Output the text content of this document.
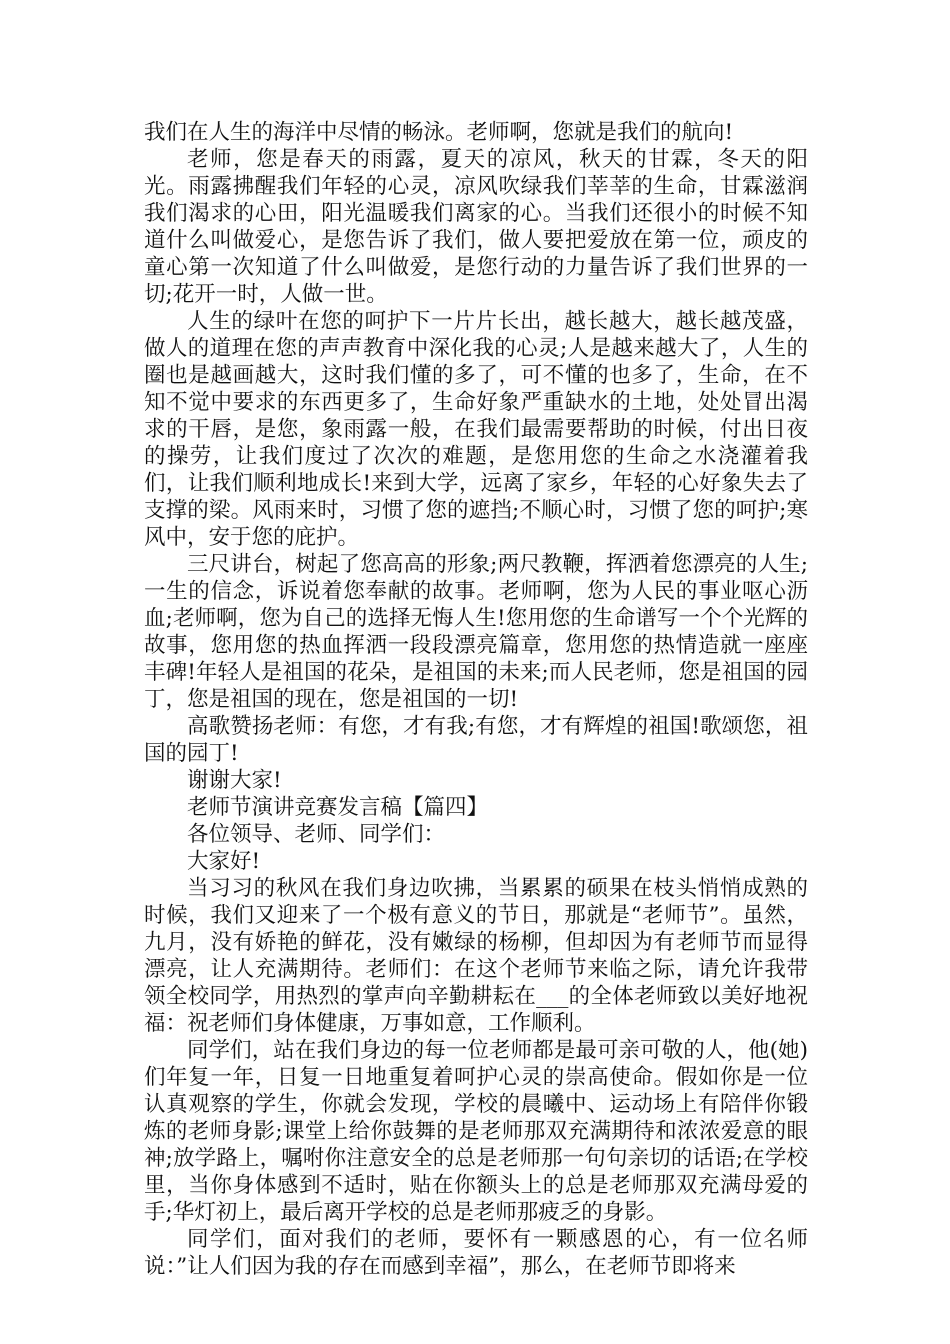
我们在人生的海洋中尽情的畅泳。老师啊，您就是我们的航向!

老师，您是春天的雨露，夏天的凉风，秋天的甘霖，冬天的阳光。雨露拂醒我们年轻的心灵，凉风吹绿我们莘莘的生命，甘霖滋润我们渴求的心田，阳光温暖我们离家的心。当我们还很小的时候不知道什么叫做爱心，是您告诉了我们，做人要把爱放在第一位，顽皮的童心第一次知道了什么叫做爱，是您行动的力量告诉了我们世界的一切;花开一时，人做一世。

人生的绿叶在您的呵护下一片片长出，越长越大，越长越茂盛，做人的道理在您的声声教育中深化我的心灵;人是越来越大了，人生的圈也是越画越大，这时我们懂的多了，可不懂的也多了，生命，在不知不觉中要求的东西更多了，生命好象严重缺水的土地，处处冒出渴求的干唇，是您，象雨露一般，在我们最需要帮助的时候，付出日夜的操劳，让我们度过了次次的难题，是您用您的生命之水浇灌着我们，让我们顺利地成长!来到大学，远离了家乡，年轻的心好象失去了支撑的梁。风雨来时，习惯了您的遮挡;不顺心时，习惯了您的呵护;寒风中，安于您的庇护。

三尺讲台，树起了您高高的形象;两尺教鞭，挥洒着您漂亮的人生;一生的信念，诉说着您奉献的故事。老师啊，您为人民的事业呕心沥血;老师啊，您为自己的选择无悔人生!您用您的生命谱写一个个光辉的故事，您用您的热血挥洒一段段漂亮篇章，您用您的热情造就一座座丰碑!年轻人是祖国的花朵，是祖国的未来;而人民老师，您是祖国的园丁，您是祖国的现在，您是祖国的一切!

高歌赞扬老师：有您，才有我;有您，才有辉煌的祖国!歌颂您，祖国的园丁!

谢谢大家!

老师节演讲竞赛发言稿【篇四】

各位领导、老师、同学们：

大家好!

当习习的秋风在我们身边吹拂，当累累的硕果在枝头悄悄成熟的时候，我们又迎来了一个极有意义的节日，那就是“老师节”。虽然，九月，没有娇艳的鲜花，没有嫩绿的杨柳，但却因为有老师节而显得漂亮，让人充满期待。老师们：在这个老师节来临之际，请允许我带领全校同学，用热烈的掌声向辛勤耕耘在___的全体老师致以美好地祝福：祝老师们身体健康，万事如意，工作顺利。

同学们，站在我们身边的每一位老师都是最可亲可敬的人，他(她)们年复一年，日复一日地重复着呵护心灵的崇高使命。假如你是一位认真观察的学生，你就会发现，学校的晨曦中、运动场上有陪伴你锻炼的老师身影;课堂上给你鼓舞的是老师那双充满期待和浓浓爱意的眼神;放学路上，嘱咐你注意安全的总是老师那一句句亲切的话语;在学校里，当你身体感到不适时，贴在你额头上的总是老师那双充满母爱的手;华灯初上，最后离开学校的总是老师那疲乏的身影。

同学们，面对我们的老师，要怀有一颗感恩的心，有一位名师说：”让人们因为我的存在而感到幸福”，那么，在老师节即将来
